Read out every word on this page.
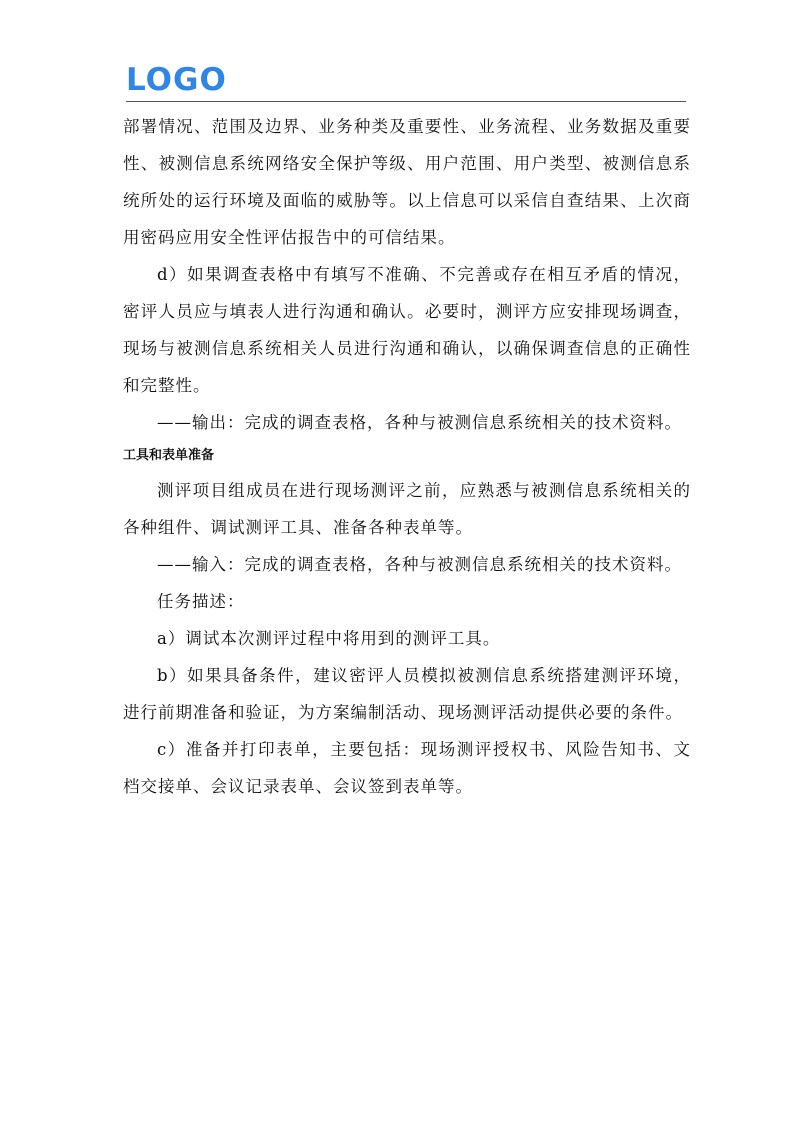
LOGO

部署情况、范围及边界、业务种类及重要性、业务流程、业务数据及重要性、被测信息系统网络安全保护等级、用户范围、用户类型、被测信息系统所处的运行环境及面临的威胁等。以上信息可以采信自查结果、上次商用密码应用安全性评估报告中的可信结果。

d）如果调查表格中有填写不准确、不完善或存在相互矛盾的情况，密评人员应与填表人进行沟通和确认。必要时，测评方应安排现场调查，现场与被测信息系统相关人员进行沟通和确认，以确保调查信息的正确性和完整性。

——输出：完成的调查表格，各种与被测信息系统相关的技术资料。

工具和表单准备

测评项目组成员在进行现场测评之前，应熟悉与被测信息系统相关的各种组件、调试测评工具、准备各种表单等。

——输入：完成的调查表格，各种与被测信息系统相关的技术资料。

任务描述：

a）调试本次测评过程中将用到的测评工具。

b）如果具备条件，建议密评人员模拟被测信息系统搭建测评环境，进行前期准备和验证，为方案编制活动、现场测评活动提供必要的条件。

c）准备并打印表单，主要包括：现场测评授权书、风险告知书、文档交接单、会议记录表单、会议签到表单等。
